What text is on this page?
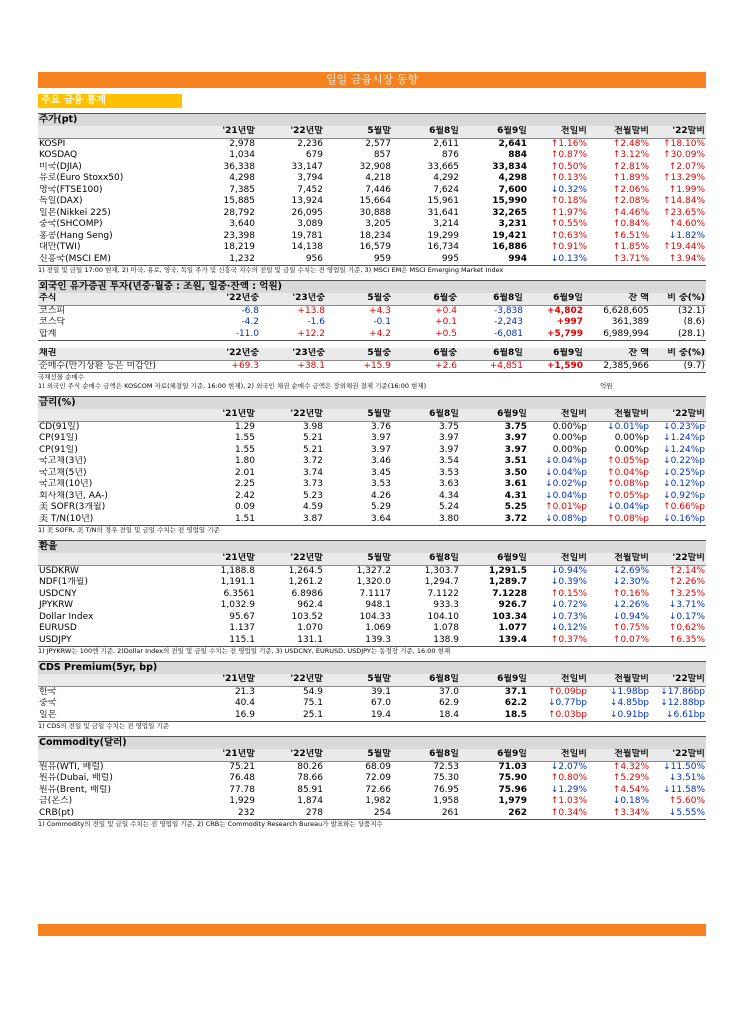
일일 금융시장 동향
주요 금융 통계
주가(pt)
	'21년말	'22년말	5월말	6월8일	6월9일	전일비	전월말비	'22말비
KOSPI	2,978	2,236	2,577	2,611	2,641	↑1.16%	↑2.48%	↑18.10%
KOSDAQ	1,034	679	857	876	884	↑0.87%	↑3.12%	↑30.09%
미국(DJIA)	36,338	33,147	32,908	33,665	33,834	↑0.50%	↑2.81%	↑2.07%
유로(Euro Stoxx50)	4,298	3,794	4,218	4,292	4,298	↑0.13%	↑1.89%	↑13.29%
영국(FTSE100)	7,385	7,452	7,446	7,624	7,600	↓0.32%	↑2.06%	↑1.99%
독일(DAX)	15,885	13,924	15,664	15,961	15,990	↑0.18%	↑2.08%	↑14.84%
일본(Nikkei 225)	28,792	26,095	30,888	31,641	32,265	↑1.97%	↑4.46%	↑23.65%
중국(SHCOMP)	3,640	3,089	3,205	3,214	3,231	↑0.55%	↑0.84%	↑4.60%
홍콩(Hang Seng)	23,398	19,781	18,234	19,299	19,421	↑0.63%	↑6.51%	↓1.82%
대만(TWI)	18,219	14,138	16,579	16,734	16,886	↑0.91%	↑1.85%	↑19.44%
신흥국(MSCI EM)	1,232	956	959	995	994	↓0.13%	↑3.71%	↑3.94%
1) 전일 및 금일 17:00 현재, 2) 미국, 유로, 영국, 독일 주가 및 신흥국 지수의 전일 및 금일 수치는 전 영업일 기준, 3) MSCI EM은 MSCI Emerging Market Index
외국인 유가증권 투자(년중·월중 : 조원, 일중·잔액 : 억원)
주식	'22년중	'23년중	5월중	6월중	6월8일	6월9일	잔 액	비 중(%)
코스피	-6.8	+13.8	+4.3	+0.4	-3,838	+4,802	6,628,605	(32.1)
코스닥	-4.2	-1.6	-0.1	+0.1	-2,243	+997	361,389	(8.6)
합계	-11.0	+12.2	+4.2	+0.5	-6,081	+5,799	6,989,994	(28.1)
채권	'22년중	'23년중	5월중	6월중	6월8일	6월9일	잔 액	비 중(%)
순매수(만기상환 등은 미감안)	+69.3	+38.1	+15.9	+2.6	+4,851	+1,590	2,385,966	(9.7)
국채선물 순매수
1) 외국인 주식 순매수 금액은 KOSCOM 자료(체결일 기준, 16:00 현재), 2) 외국인 채권 순매수 금액은 장외채권 결제 기준(16:00 현재)	억원
금리(%)
	'21년말	'22년말	5월말	6월8일	6월9일	전일비	전월말비	'22말비
CD(91일)	1.29	3.98	3.76	3.75	3.75	0.00%p	↓0.01%p	↓0.23%p
CP(91일)	1.55	5.21	3.97	3.97	3.97	0.00%p	0.00%p	↓1.24%p
CP(91일)	1.55	5.21	3.97	3.97	3.97	0.00%p	0.00%p	↓1.24%p
국고채(3년)	1.80	3.72	3.46	3.54	3.51	↓0.04%p	↑0.05%p	↓0.22%p
국고채(5년)	2.01	3.74	3.45	3.53	3.50	↓0.04%p	↑0.04%p	↓0.25%p
국고채(10년)	2.25	3.73	3.53	3.63	3.61	↓0.02%p	↑0.08%p	↓0.12%p
회사채(3년, AA-)	2.42	5.23	4.26	4.34	4.31	↓0.04%p	↑0.05%p	↓0.92%p
美 SOFR(3개월)	0.09	4.59	5.29	5.24	5.25	↑0.01%p	↓0.04%p	↑0.66%p
美 T/N(10년)	1.51	3.87	3.64	3.80	3.72	↓0.08%p	↑0.08%p	↓0.16%p
1) 美 SOFR, 美 T/N의 경우 전일 및 금일 수치는 전 영업일 기준
환율
	'21년말	'22년말	5월말	6월8일	6월9일	전일비	전월말비	'22말비
USDKRW	1,188.8	1,264.5	1,327.2	1,303.7	1,291.5	↓0.94%	↓2.69%	↑2.14%
NDF(1개월)	1,191.1	1,261.2	1,320.0	1,294.7	1,289.7	↓0.39%	↓2.30%	↑2.26%
USDCNY	6.3561	6.8986	7.1117	7.1122	7.1228	↑0.15%	↑0.16%	↑3.25%
JPYKRW	1,032.9	962.4	948.1	933.3	926.7	↓0.72%	↓2.26%	↓3.71%
Dollar Index	95.67	103.52	104.33	104.10	103.34	↓0.73%	↓0.94%	↓0.17%
EURUSD	1.137	1.070	1.069	1.078	1.077	↓0.12%	↑0.75%	↑0.62%
USDJPY	115.1	131.1	139.3	138.9	139.4	↑0.37%	↑0.07%	↑6.35%
1) JPYKRW는 100엔 기준, 2)Dollar Index의 전일 및 금일 수치는 전 영업일 기준, 3) USDCNY, EURUSD, USDJPY는 동경장 기준, 16:00 현재
CDS Premium(5yr, bp)
	'21년말	'22년말	5월말	6월8일	6월9일	전일비	전월말비	'22말비
한국	21.3	54.9	39.1	37.0	37.1	↑0.09bp	↓1.98bp	↓17.86bp
중국	40.4	75.1	67.0	62.9	62.2	↓0.77bp	↓4.85bp	↓12.88bp
일본	16.9	25.1	19.4	18.4	18.5	↑0.03bp	↓0.91bp	↓6.61bp
1) CDS의 전일 및 금일 수치는 전 영업일 기준
Commodity(달러)
	'21년말	'22년말	5월말	6월8일	6월9일	전일비	전월말비	'22말비
원유(WTI, 배럴)	75.21	80.26	68.09	72.53	71.03	↓2.07%	↑4.32%	↓11.50%
원유(Dubai, 배럴)	76.48	78.66	72.09	75.30	75.90	↑0.80%	↑5.29%	↓3.51%
원유(Brent, 배럴)	77.78	85.91	72.66	76.95	75.96	↓1.29%	↑4.54%	↓11.58%
금(온스)	1,929	1,874	1,982	1,958	1,979	↑1.03%	↓0.18%	↑5.60%
CRB(pt)	232	278	254	261	262	↑0.34%	↑3.34%	↓5.55%
1) Commodity의 전일 및 금일 수치는 전 영업일 기준, 2) CRB는 Commodity Research Bureau가 발표하는 상품지수
